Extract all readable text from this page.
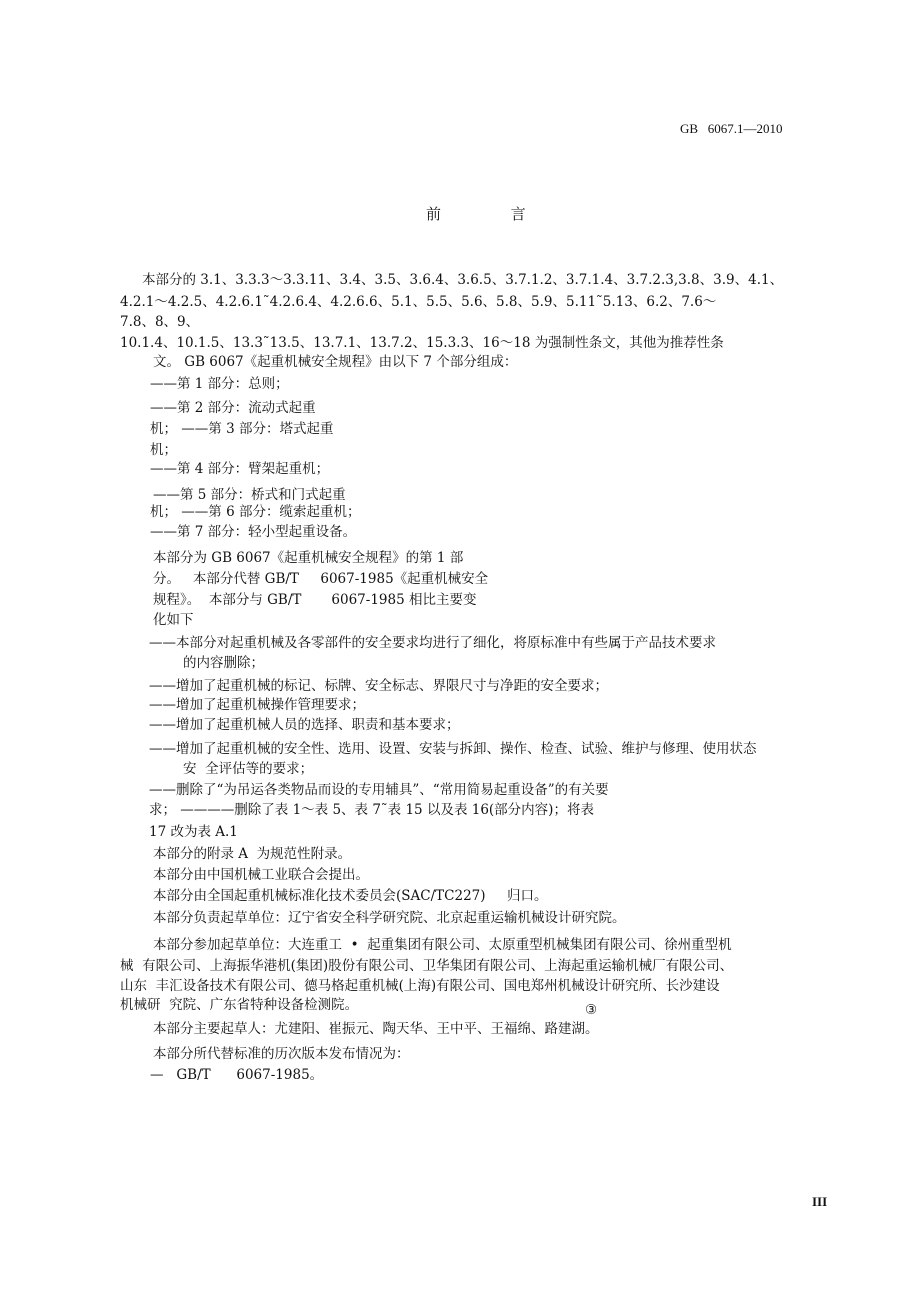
GB   6067.1—2010
前          言
本部分的 3.1、3.3.3～3.3.11、3.4、3.5、3.6.4、3.6.5、3.7.1.2、3.7.1.4、3.7.2.3,3.8、3.9、4.1、
4.2.1～4.2.5、4.2.6.1˜4.2.6.4、4.2.6.6、5.1、5.5、5.6、5.8、5.9、5.11˜5.13、6.2、7.6～
7.8、8、9、
10.1.4、10.1.5、13.3˜13.5、13.7.1、13.7.2、15.3.3、16～18 为强制性条文，其他为推荐性条
文。 GB 6067《起重机械安全规程》由以下 7 个部分组成：
——第 1 部分：总则；
——第 2 部分：流动式起重
机； ——第 3 部分：塔式起重
机；
——第 4 部分：臂架起重机；
——第 5 部分：桥式和门式起重
机； ——第 6 部分：缆索起重机；
——第 7 部分：轻小型起重设备。
本部分为 GB 6067《起重机械安全规程》的第 1 部
分。   本部分代替 GB/T     6067-1985《起重机械安全
规程》。  本部分与 GB/T       6067-1985 相比主要变
化如下
——本部分对起重机械及各零部件的安全要求均进行了细化，将原标准中有些属于产品技术要求
的内容删除；
——增加了起重机械的标记、标牌、安全标志、界限尺寸与净距的安全要求；
——增加了起重机械操作管理要求；
——增加了起重机械人员的选择、职责和基本要求；
——增加了起重机械的安全性、选用、设置、安装与拆卸、操作、检查、试验、维护与修理、使用状态
安  全评估等的要求；
——删除了“为吊运各类物品而设的专用辅具”、“常用简易起重设备”的有关要
求； ————删除了表 1～表 5、表 7˜表 15 以及表 16(部分内容)；将表
17 改为表 A.1
本部分的附录 A  为规范性附录。
本部分由中国机械工业联合会提出。
本部分由全国起重机械标准化技术委员会(SAC/TC227)     归口。
本部分负责起草单位：辽宁省安全科学研究院、北京起重运输机械设计研究院。
本部分参加起草单位：大连重工  •  起重集团有限公司、太原重型机械集团有限公司、徐州重型机
械  有限公司、上海振华港机(集团)股份有限公司、卫华集团有限公司、上海起重运输机械厂有限公司、
山东  丰汇设备技术有限公司、德马格起重机械(上海)有限公司、国电郑州机械设计研究所、长沙建设
机械研  究院、广东省特种设备检测院。	③
本部分主要起草人：尤建阳、崔振元、陶天华、王中平、王福绵、路建湖。
本部分所代替标准的历次版本发布情况为：
—   GB/T      6067-1985。
III
